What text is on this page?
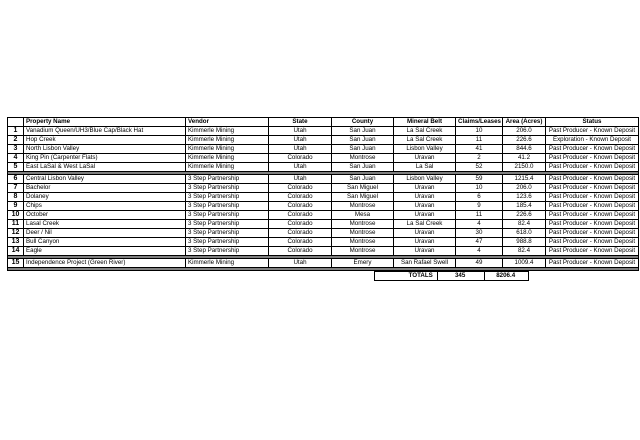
	Property Name	Vendor	State	County	Mineral Belt	Claims/Leases	Area (Acres)	Status
1	Vanadium Queen/UH3/Blue Cap/Black Hat	Kimmerle Mining	Utah	San Juan	La Sal Creek	10	206.0	Past Producer - Known Deposit
2	Hop Creek	Kimmerle Mining	Utah	San Juan	La Sal Creek	11	226.6	Exploration - Known Deposit
3	North Lisbon Valley	Kimmerle Mining	Utah	San Juan	Lisbon Valley	41	844.6	Past Producer - Known Deposit
4	King Pin (Carpenter Flats)	Kimmerle Mining	Colorado	Montrose	Uravan	2	41.2	Past Producer - Known Deposit
5	East LaSal & West LaSal	Kimmerle Mining	Utah	San Juan	La Sal	52	2150.0	Past Producer - Known Deposit

6	Central Lisbon Valley	3 Step Partnership	Utah	San Juan	Lisbon Valley	59	1215.4	Past Producer - Known Deposit
7	Bachelor	3 Step Partnership	Colorado	San Miguel	Uravan	10	206.0	Past Producer - Known Deposit
8	Dolaney	3 Step Partnership	Colorado	San Miguel	Uravan	6	123.6	Past Producer - Known Deposit
9	Chips	3 Step Partnership	Colorado	Montrose	Uravan	9	185.4	Past Producer - Known Deposit
10	October	3 Step Partnership	Colorado	Mesa	Uravan	11	226.6	Past Producer - Known Deposit
11	Lasal Creek	3 Step Partnership	Colorado	Montrose	La Sal Creek	4	82.4	Past Producer - Known Deposit
12	Deer / Nil	3 Step Partnership	Colorado	Montrose	Uravan	30	618.0	Past Producer - Known Deposit
13	Bull Canyon	3 Step Partnership	Colorado	Montrose	Uravan	47	988.8	Past Producer - Known Deposit
14	Eagle	3 Step Partnership	Colorado	Montrose	Uravan	4	82.4	Past Producer - Known Deposit

15	Independence Project (Green River)	Kimmerle Mining	Utah	Emery	San Rafael Swell	49	1009.4	Past Producer - Known Deposit

TOTALS	345	8206.4
